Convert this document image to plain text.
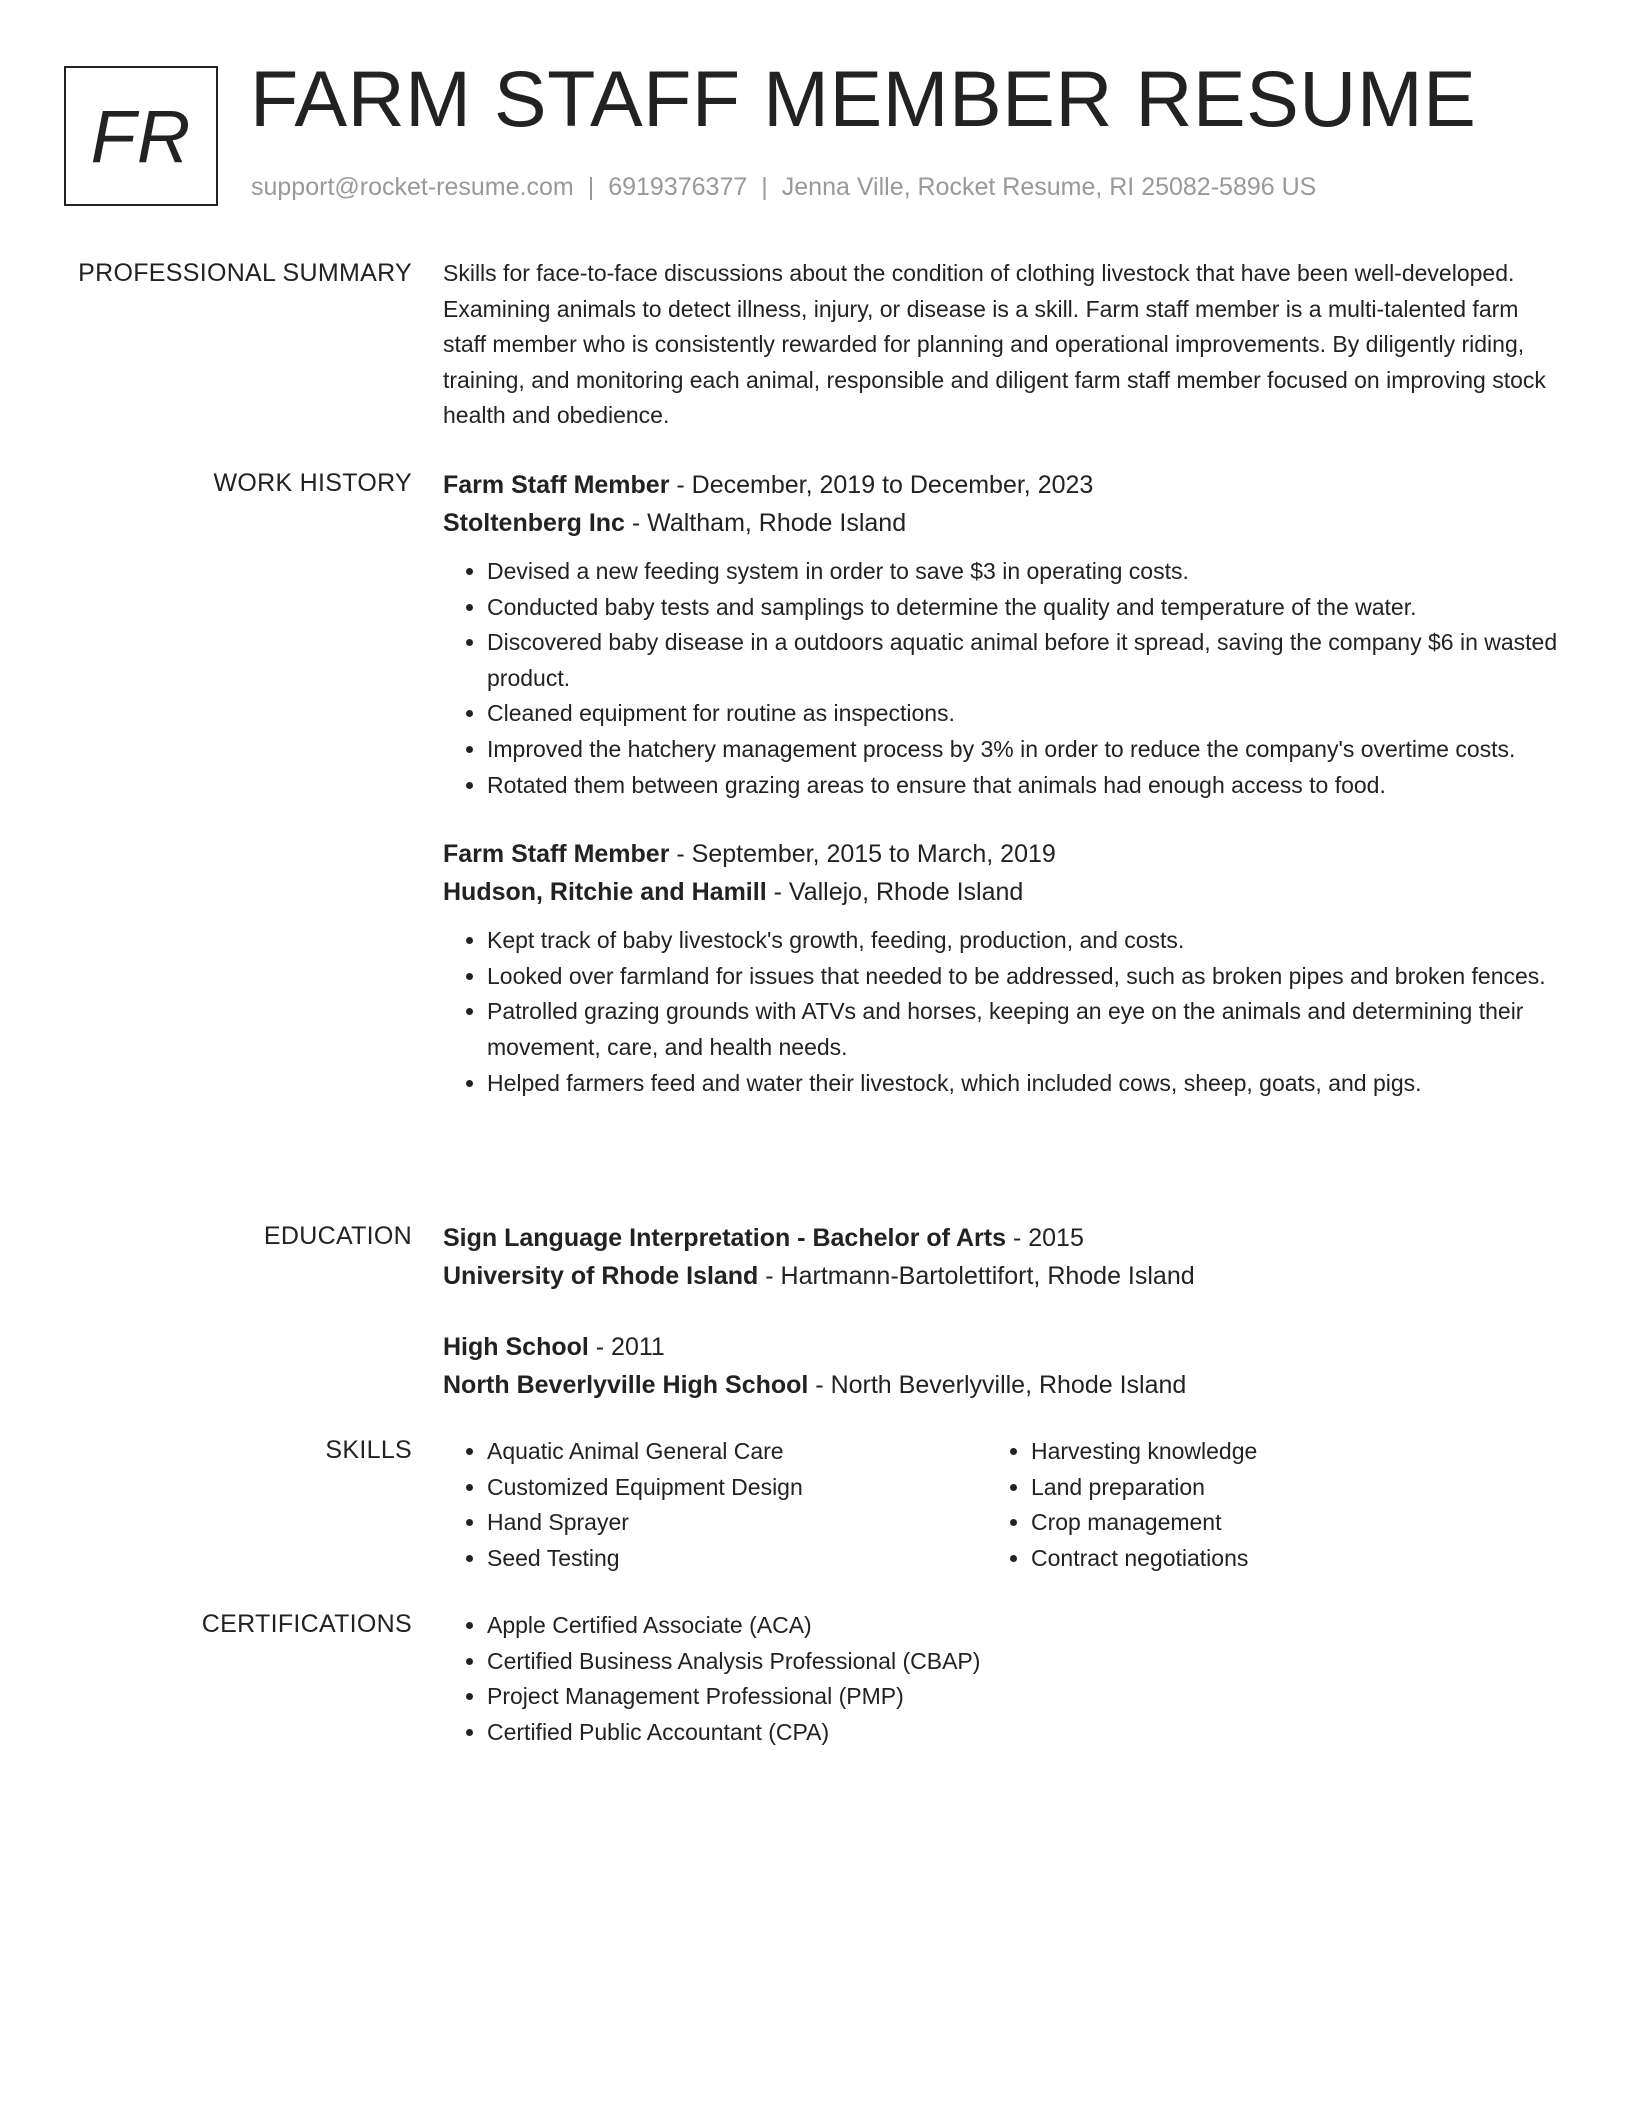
FR FARM STAFF MEMBER RESUME
support@rocket-resume.com | 6919376377 | Jenna Ville, Rocket Resume, RI 25082-5896 US
PROFESSIONAL SUMMARY Skills for face-to-face discussions about the condition of clothing livestock that have been well-developed. Examining animals to detect illness, injury, or disease is a skill. Farm staff member is a multi-talented farm staff member who is consistently rewarded for planning and operational improvements. By diligently riding, training, and monitoring each animal, responsible and diligent farm staff member focused on improving stock health and obedience.

WORK HISTORY Farm Staff Member - December, 2019 to December, 2023
Stoltenberg Inc - Waltham, Rhode Island
• Devised a new feeding system in order to save $3 in operating costs.
• Conducted baby tests and samplings to determine the quality and temperature of the water.
• Discovered baby disease in a outdoors aquatic animal before it spread, saving the company $6 in wasted product.
• Cleaned equipment for routine as inspections.
• Improved the hatchery management process by 3% in order to reduce the company's overtime costs.
• Rotated them between grazing areas to ensure that animals had enough access to food.
Farm Staff Member - September, 2015 to March, 2019
Hudson, Ritchie and Hamill - Vallejo, Rhode Island
• Kept track of baby livestock's growth, feeding, production, and costs.
• Looked over farmland for issues that needed to be addressed, such as broken pipes and broken fences.
• Patrolled grazing grounds with ATVs and horses, keeping an eye on the animals and determining their movement, care, and health needs.
• Helped farmers feed and water their livestock, which included cows, sheep, goats, and pigs.
EDUCATION Sign Language Interpretation - Bachelor of Arts - 2015
University of Rhode Island - Hartmann-Bartolettifort, Rhode Island
High School - 2011
North Beverlyville High School - North Beverlyville, Rhode Island
SKILLS	• Aquatic Animal General Care
• Customized Equipment Design
• Hand Sprayer
• Seed Testing
• Harvesting knowledge
• Land preparation
• Crop management
• Contract negotiations
CERTIFICATIONS	• Apple Certified Associate (ACA)
• Certified Business Analysis Professional (CBAP)
• Project Management Professional (PMP)
• Certified Public Accountant (CPA)
